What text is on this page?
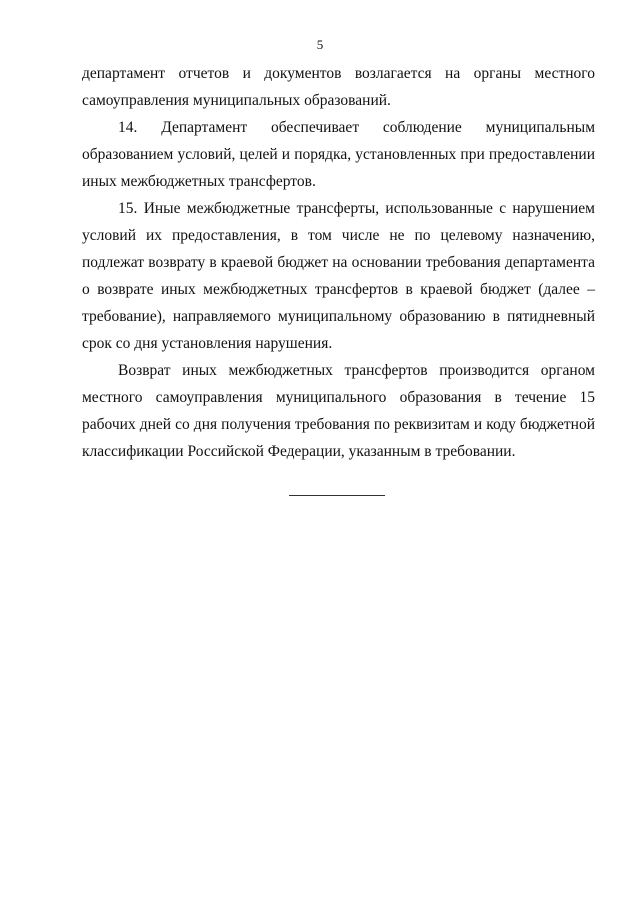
5

департамент отчетов и документов возлагается на органы местного самоуправления муниципальных образований.

14. Департамент обеспечивает соблюдение муниципальным образованием условий, целей и порядка, установленных при предоставлении иных межбюджетных трансфертов.

15. Иные межбюджетные трансферты, использованные с нарушением условий их предоставления, в том числе не по целевому назначению, подлежат возврату в краевой бюджет на основании требования департамента о возврате иных межбюджетных трансфертов в краевой бюджет (далее – требование), направляемого муниципальному образованию в пятидневный срок со дня установления нарушения.

Возврат иных межбюджетных трансфертов производится органом местного самоуправления муниципального образования в течение 15 рабочих дней со дня получения требования по реквизитам и коду бюджетной классификации Российской Федерации, указанным в требовании.
